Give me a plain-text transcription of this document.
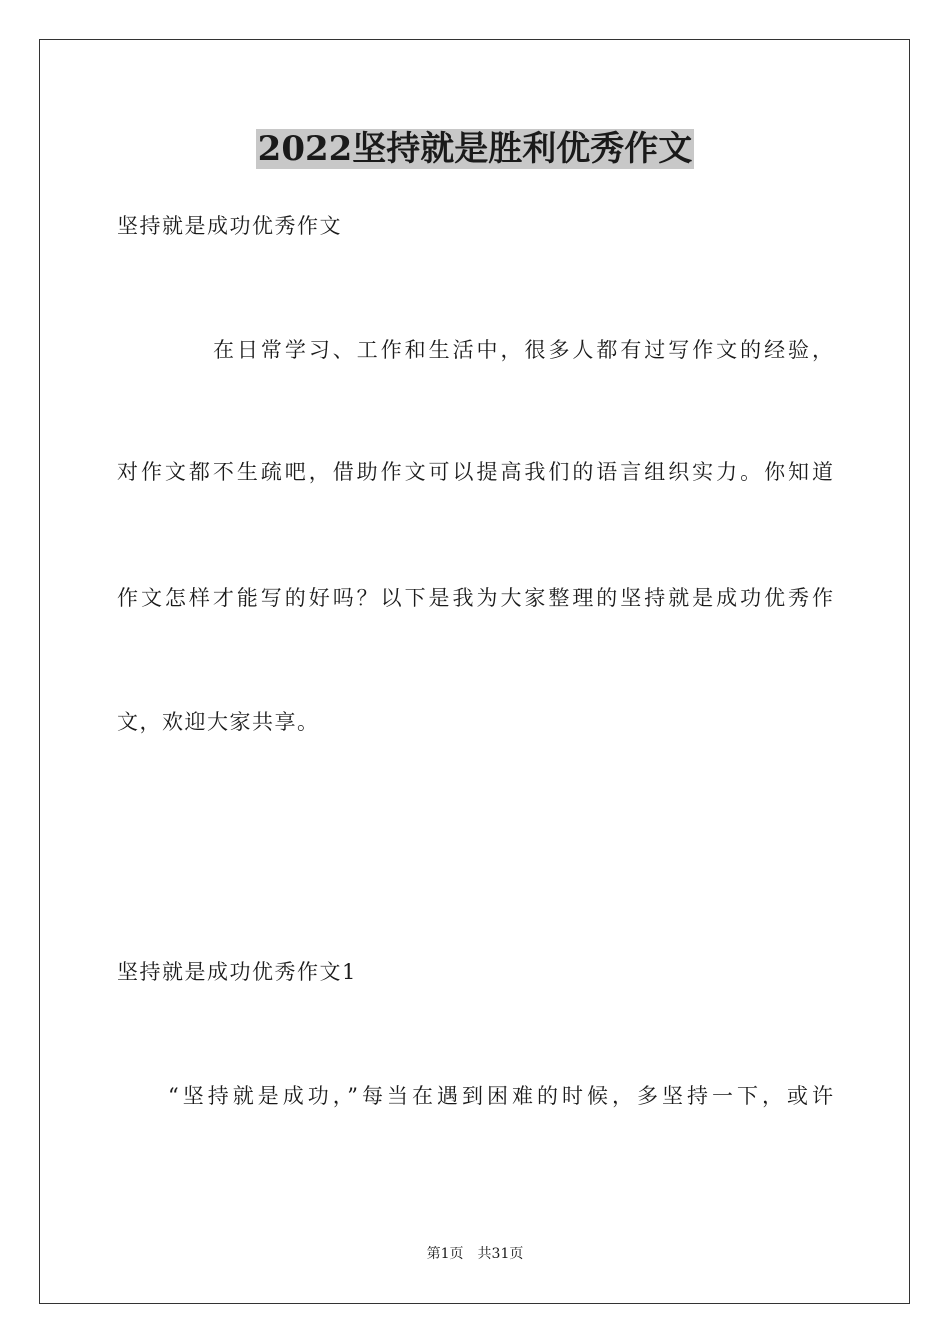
2022坚持就是胜利优秀作文
坚持就是成功优秀作文
在日常学习、工作和生活中，很多人都有过写作文的经验，
对作文都不生疏吧，借助作文可以提高我们的语言组织实力。你知道
作文怎样才能写的好吗？以下是我为大家整理的坚持就是成功优秀作
文，欢迎大家共享。
坚持就是成功优秀作文1
“坚持就是成功，”每当在遇到困难的时候，多坚持一下，或许
第1页　共31页
